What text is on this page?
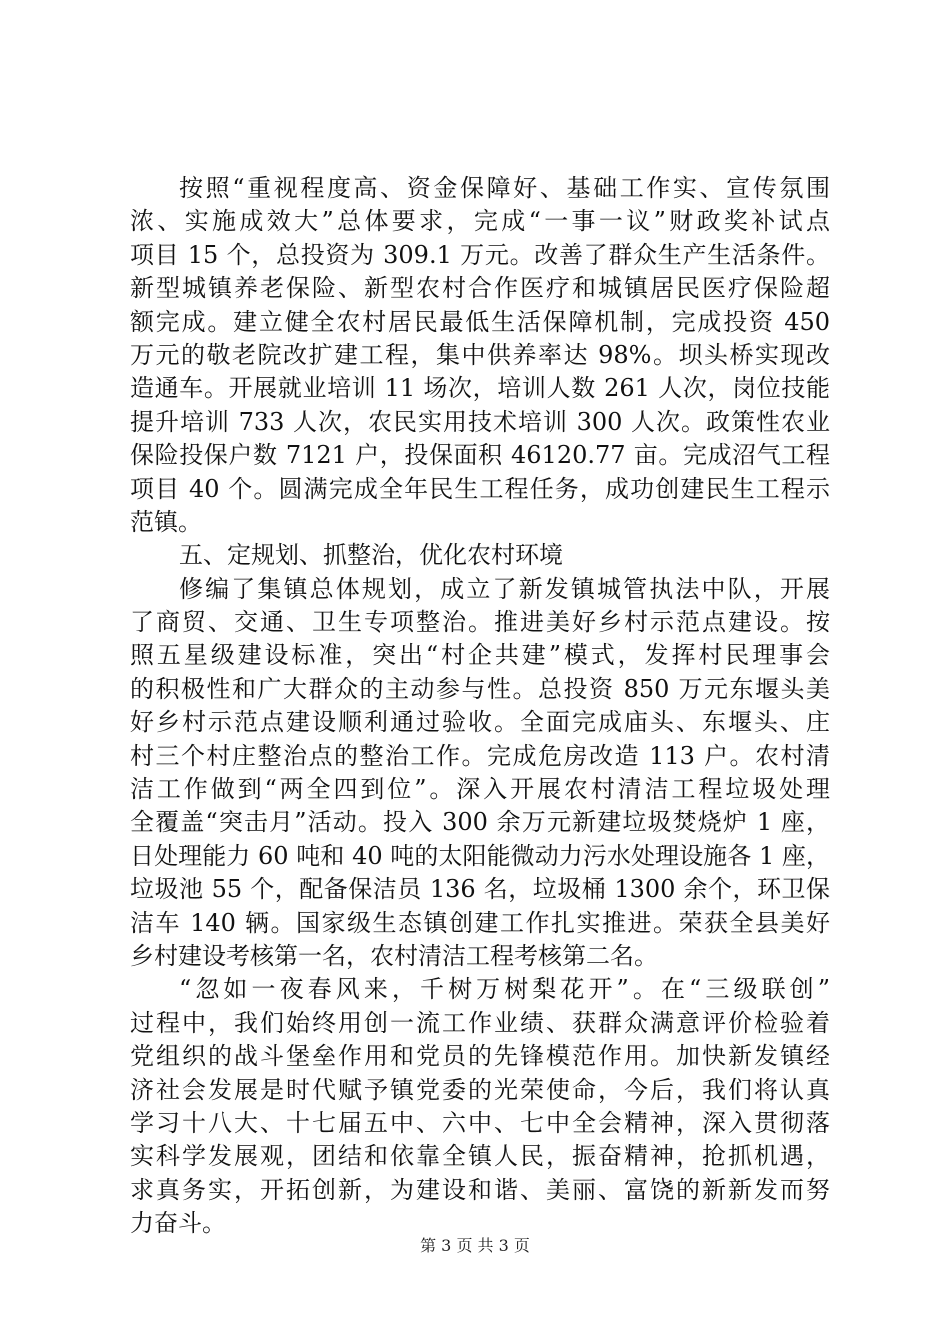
按照“重视程度高、资金保障好、基础工作实、宣传氛围
浓、实施成效大”总体要求，完成“一事一议”财政奖补试点
项目 15 个，总投资为 309.1 万元。改善了群众生产生活条件。
新型城镇养老保险、新型农村合作医疗和城镇居民医疗保险超
额完成。建立健全农村居民最低生活保障机制，完成投资 450
万元的敬老院改扩建工程，集中供养率达 98%。坝头桥实现改
造通车。开展就业培训 11 场次，培训人数 261 人次，岗位技能
提升培训 733 人次，农民实用技术培训 300 人次。政策性农业
保险投保户数 7121 户，投保面积 46120.77 亩。完成沼气工程
项目 40 个。圆满完成全年民生工程任务，成功创建民生工程示
范镇。
五、定规划、抓整治，优化农村环境
修编了集镇总体规划，成立了新发镇城管执法中队，开展
了商贸、交通、卫生专项整治。推进美好乡村示范点建设。按
照五星级建设标准，突出“村企共建”模式，发挥村民理事会
的积极性和广大群众的主动参与性。总投资 850 万元东堰头美
好乡村示范点建设顺利通过验收。全面完成庙头、东堰头、庄
村三个村庄整治点的整治工作。完成危房改造 113 户。农村清
洁工作做到“两全四到位”。深入开展农村清洁工程垃圾处理
全覆盖“突击月”活动。投入 300 余万元新建垃圾焚烧炉 1 座，
日处理能力 60 吨和 40 吨的太阳能微动力污水处理设施各 1 座，
垃圾池 55 个，配备保洁员 136 名，垃圾桶 1300 余个，环卫保
洁车 140 辆。国家级生态镇创建工作扎实推进。荣获全县美好
乡村建设考核第一名，农村清洁工程考核第二名。
“忽如一夜春风来，千树万树梨花开”。在“三级联创”
过程中，我们始终用创一流工作业绩、获群众满意评价检验着
党组织的战斗堡垒作用和党员的先锋模范作用。加快新发镇经
济社会发展是时代赋予镇党委的光荣使命，今后，我们将认真
学习十八大、十七届五中、六中、七中全会精神，深入贯彻落
实科学发展观，团结和依靠全镇人民，振奋精神，抢抓机遇，
求真务实，开拓创新，为建设和谐、美丽、富饶的新新发而努
力奋斗。
第 3 页 共 3 页
